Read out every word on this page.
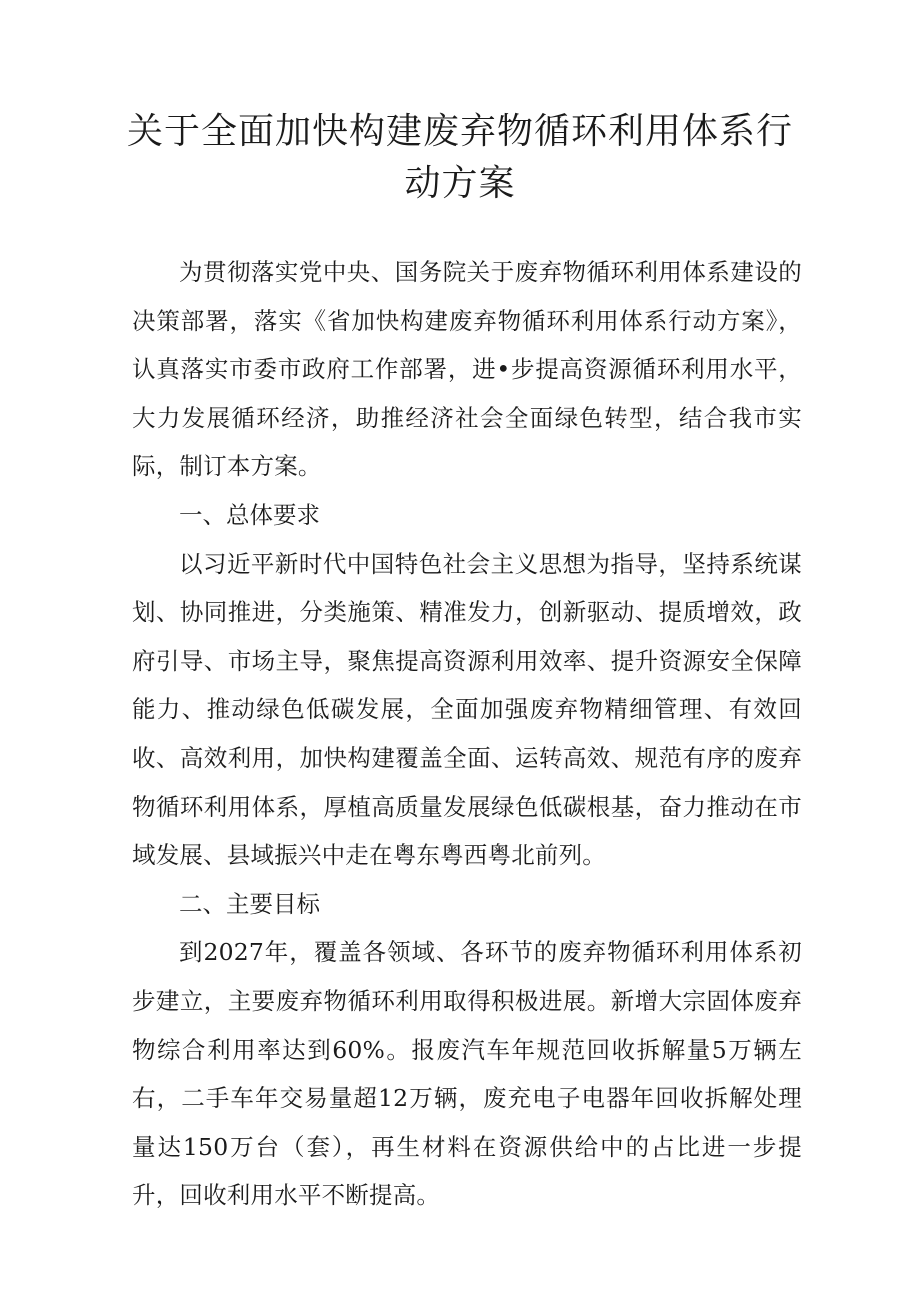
关于全面加快构建废弃物循环利用体系行
动方案

为贯彻落实党中央、国务院关于废弃物循环利用体系建设的决策部署，落实《省加快构建废弃物循环利用体系行动方案》，认真落实市委市政府工作部署，进•步提高资源循环利用水平，大力发展循环经济，助推经济社会全面绿色转型，结合我市实际，制订本方案。

一、总体要求

以习近平新时代中国特色社会主义思想为指导，坚持系统谋划、协同推进，分类施策、精准发力，创新驱动、提质增效，政府引导、市场主导，聚焦提高资源利用效率、提升资源安全保障能力、推动绿色低碳发展，全面加强废弃物精细管理、有效回收、高效利用，加快构建覆盖全面、运转高效、规范有序的废弃物循环利用体系，厚植高质量发展绿色低碳根基，奋力推动在市域发展、县域振兴中走在粤东粤西粤北前列。

二、主要目标

到2027年，覆盖各领域、各环节的废弃物循环利用体系初步建立，主要废弃物循环利用取得积极进展。新增大宗固体废弃物综合利用率达到60%。报废汽车年规范回收拆解量5万辆左右，二手车年交易量超12万辆，废充电子电器年回收拆解处理量达150万台（套），再生材料在资源供给中的占比进一步提升，回收利用水平不断提高。
